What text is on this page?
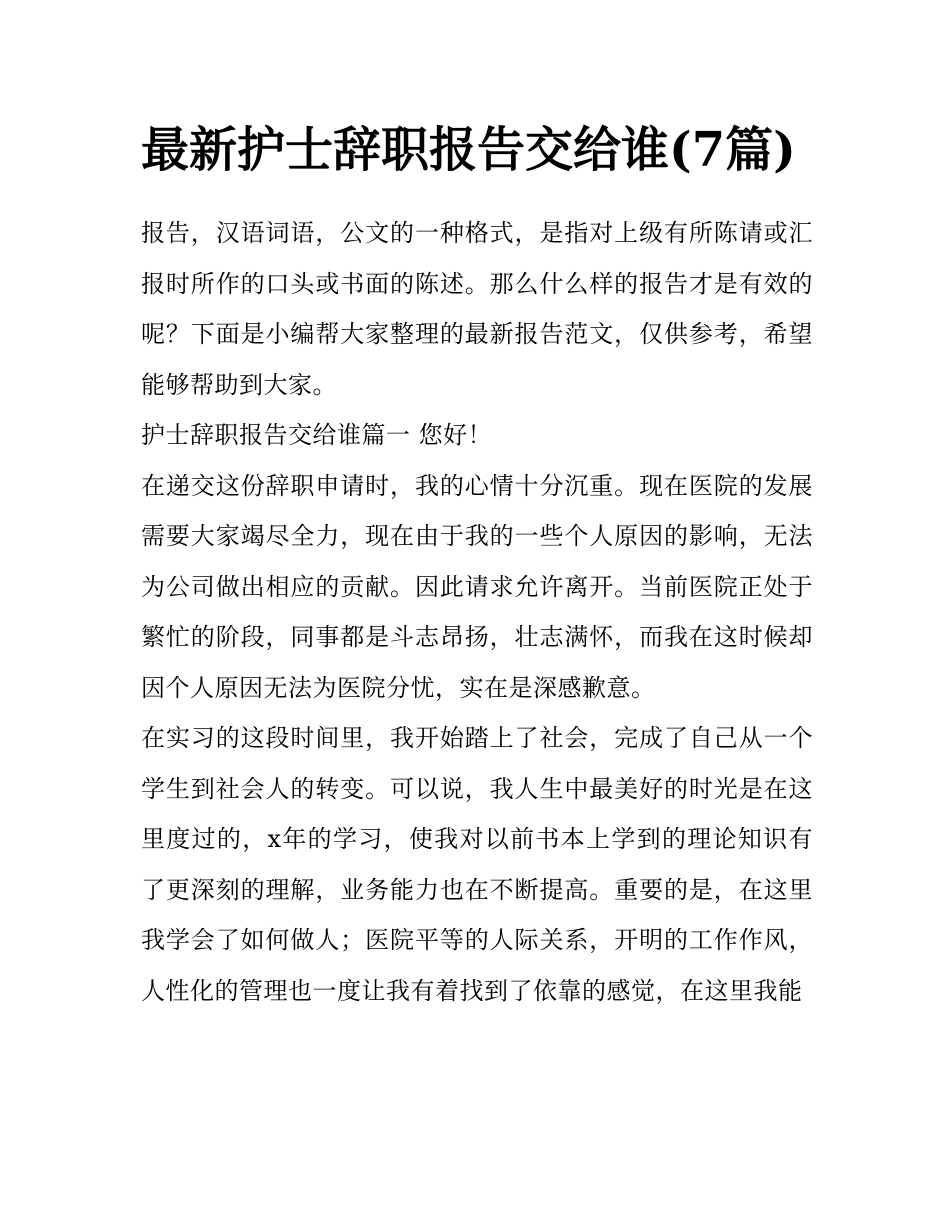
最新护士辞职报告交给谁(7篇)

报告，汉语词语，公文的一种格式，是指对上级有所陈请或汇报时所作的口头或书面的陈述。那么什么样的报告才是有效的呢？下面是小编帮大家整理的最新报告范文，仅供参考，希望能够帮助到大家。

护士辞职报告交给谁篇一 您好！

在递交这份辞职申请时，我的心情十分沉重。现在医院的发展需要大家竭尽全力，现在由于我的一些个人原因的影响，无法为公司做出相应的贡献。因此请求允许离开。当前医院正处于繁忙的阶段，同事都是斗志昂扬，壮志满怀，而我在这时候却因个人原因无法为医院分忧，实在是深感歉意。

在实习的这段时间里，我开始踏上了社会，完成了自己从一个学生到社会人的转变。可以说，我人生中最美好的时光是在这里度过的，x年的学习，使我对以前书本上学到的理论知识有了更深刻的理解，业务能力也在不断提高。重要的是，在这里我学会了如何做人；医院平等的人际关系，开明的工作作风，人性化的管理也一度让我有着找到了依靠的感觉，在这里我能
